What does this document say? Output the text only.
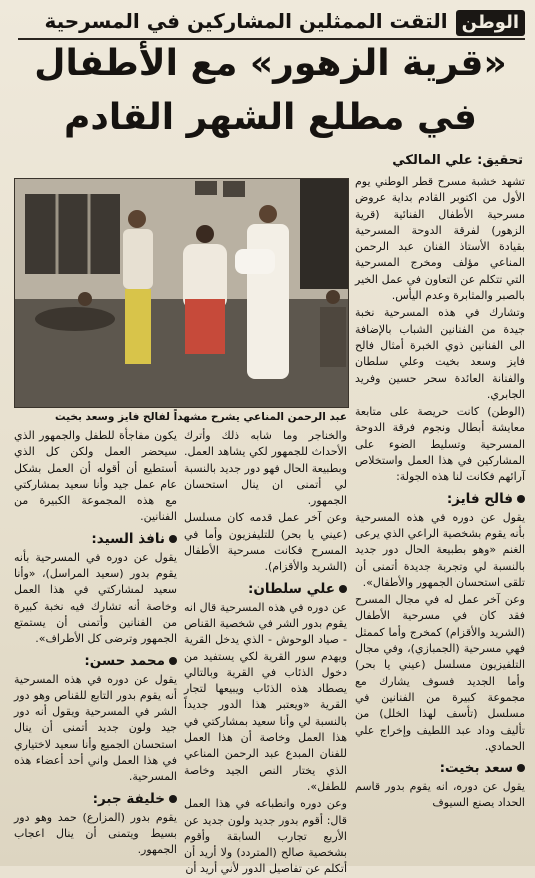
الوطنالتقت الممثلين المشاركين في المسرحية
«قرية الزهور» مع الأطفال
في مطلع الشهر القادم
تحقيق: علي المالكي
عبد الرحمن المناعي يشرح مشهداً لفالح فايز وسعد بخيت

تشهد خشبة مسرح قطر الوطني يوم الأول من اكتوبر القادم بداية عروض مسرحية الأطفال الفنائية (قرية الزهور) لفرقة الدوحة المسرحية بقيادة الأستاذ الفنان عبد الرحمن المناعي مؤلف ومخرج المسرحية التي تتكلم عن التعاون في عمل الخير بالصبر والمثابرة وعدم اليأس.

وتشارك في هذه المسرحية نخبة جيدة من الفنانين الشباب بالإضافة الى الفنانين ذوي الخبرة أمثال فالح فايز وسعد بخيت وعلي سلطان والفنانة العائدة سحر حسين وفريد الجابري.

(الوطن) كانت حريصة على متابعة معايشة أبطال ونجوم فرقة الدوحة المسرحية وتسليط الضوء على المشاركين في هذا العمل واستخلاص آرائهم فكانت لنا هذه الجولة:

فالح فايز:

يقول عن دوره في هذه المسرحية بأنه يقوم بشخصية الراعي الذي يرعى الغنم «وهو بطبيعة الحال دور جديد بالنسبة لي وتجربة جديدة أتمنى أن تلقى استحسان الجمهور والأطفال».

وعن آخر عمل له في مجال المسرح فقد كان في مسرحية الأطفال (الشريد والأقزام) كمخرج وأما كممثل فهي مسرحية (الجمبازي)، وفي مجال التلفيزيون مسلسل (عيني يا بحر) وأما الجديد فسوف يشارك مع مجموعة كبيرة من الفنانين في مسلسل (تأسف لهذا الخلل) من تأليف وداد عبد اللطيف وإخراج علي الحمادي.

سعد بخيت:

يقول عن دوره، انه يقوم بدور قاسم الحداد يصنع السيوف

والخناجر وما شابه ذلك وأترك الأحداث للجمهور لكي يشاهد العمل. وبطبيعة الحال فهو دور جديد بالنسبة لي أتمنى ان ينال استحسان الجمهور.

وعن آخر عمل قدمه كان مسلسل (عيني يا بحر) للتليفزيون وأما في المسرح فكانت مسرحية الأطفال (الشريد والأقزام).

علي سلطان:

عن دوره في هذه المسرحية قال انه يقوم بدور الشر في شخصية القناص - صياد الوحوش - الذي يدخل القرية ويهدم سور القرية لكي يستفيد من دخول الذئاب في القرية وبالتالي يصطاد هذه الذئاب ويبيعها لتجار القرية «ويعتبر هذا الدور جديداً بالنسبة لي وأنا سعيد بمشاركتي في هذا العمل وخاصة أن هذا العمل للفنان المبدع عبد الرحمن المناعي الذي يختار النص الجيد وخاصة للطفل».

وعن دوره وانطباعه في هذا العمل قال: أقوم بدور جديد ولون جديد عن الأربع تجارب السابقة وأقوم بشخصية صالح (المتردد) ولا أريد أن أتكلم عن تفاصيل الدور لأني أريد أن

يكون مفاجأة للطفل والجمهور الذي سيحضر العمل ولكن كل الذي أستطيع أن أقوله أن العمل بشكل عام عمل جيد وأنا سعيد بمشاركتي مع هذه المجموعة الكبيرة من الفنانين.

نافذ السيد:

يقول عن دوره في المسرحية بأنه يقوم بدور (سعيد المراسل)، «وأنا سعيد لمشاركتي في هذا العمل وخاصة أنه تشارك فيه نخبة كبيرة من الفنانين وأتمنى أن يستمتع الجمهور وترضى كل الأطراف».

محمد حسن:

يقول عن دوره في هذه المسرحية أنه يقوم بدور التابع للقناص وهو دور الشر في المسرحية ويقول أنه دور جيد ولون جديد أتمنى أن ينال استحسان الجميع وأنا سعيد لاختياري في هذا العمل واني أحد أعضاء هذه المسرحية.

خليفة جبر:

يقوم بدور (المزارع) حمد وهو دور بسيط ويتمنى أن ينال اعجاب الجمهور.
